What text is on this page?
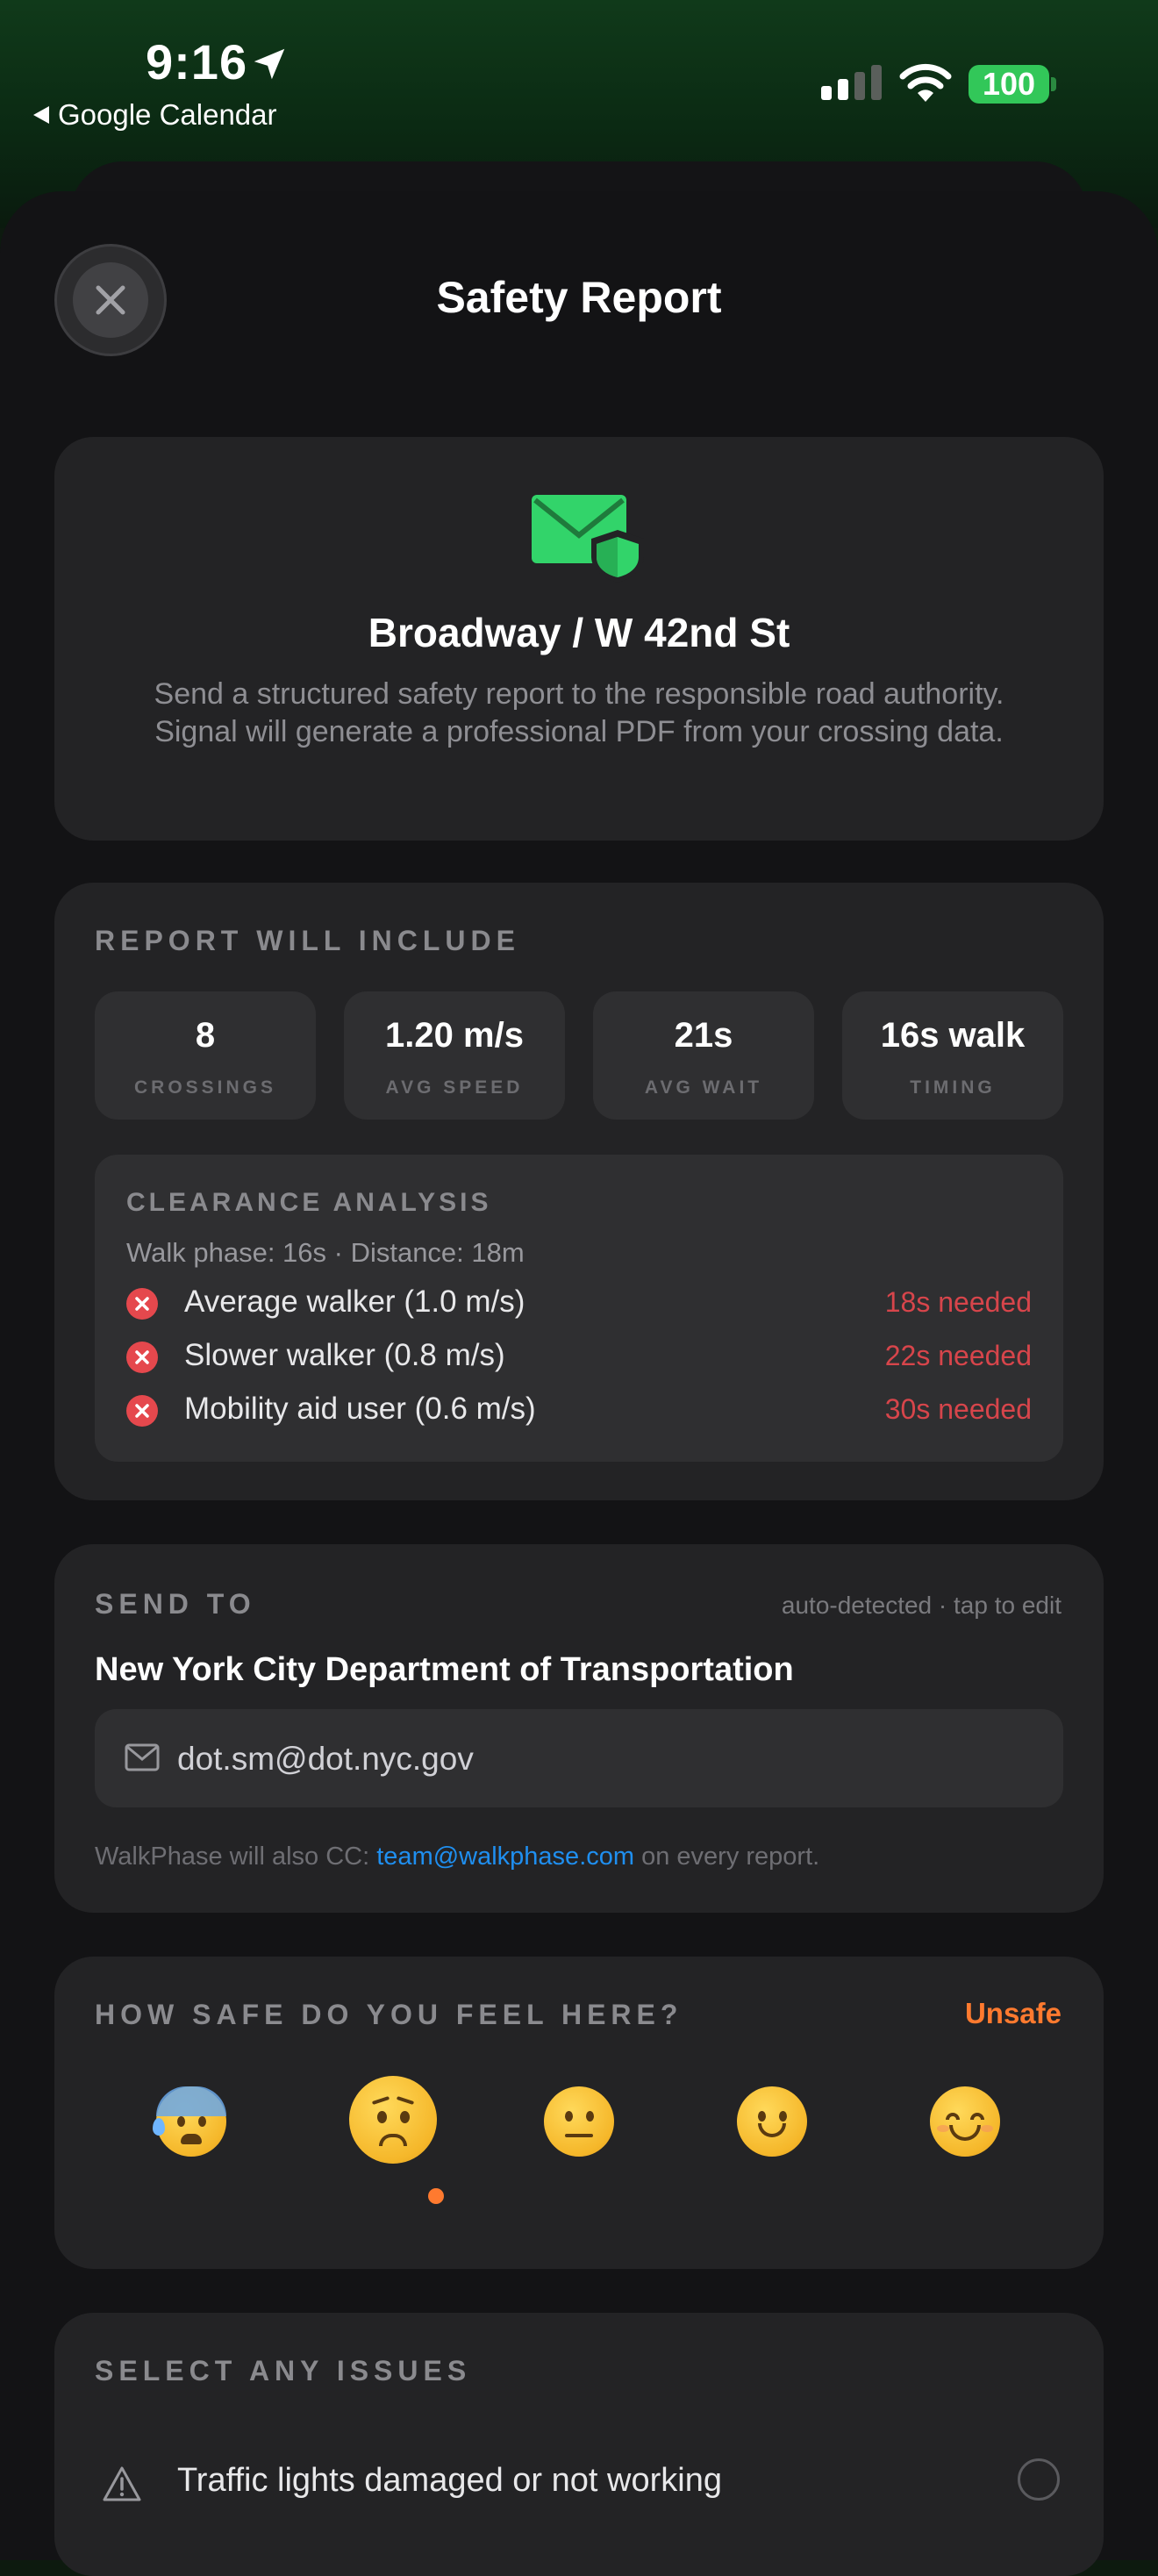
9:16
Google Calendar
100
Safety Report
Broadway / W 42nd St
Send a structured safety report to the responsible road authority. Signal will generate a professional PDF from your crossing data.
REPORT WILL INCLUDE
8
CROSSINGS
1.20 m/s
AVG SPEED
21s
AVG WAIT
16s walk
TIMING
CLEARANCE ANALYSIS
Walk phase: 16s · Distance: 18m
Average walker (1.0 m/s)	18s needed
Slower walker (0.8 m/s)	22s needed
Mobility aid user (0.6 m/s)	30s needed
SEND TO	auto-detected · tap to edit
New York City Department of Transportation
dot.sm@dot.nyc.gov
WalkPhase will also CC: team@walkphase.com on every report.
HOW SAFE DO YOU FEEL HERE?	Unsafe
SELECT ANY ISSUES
Traffic lights damaged or not working
